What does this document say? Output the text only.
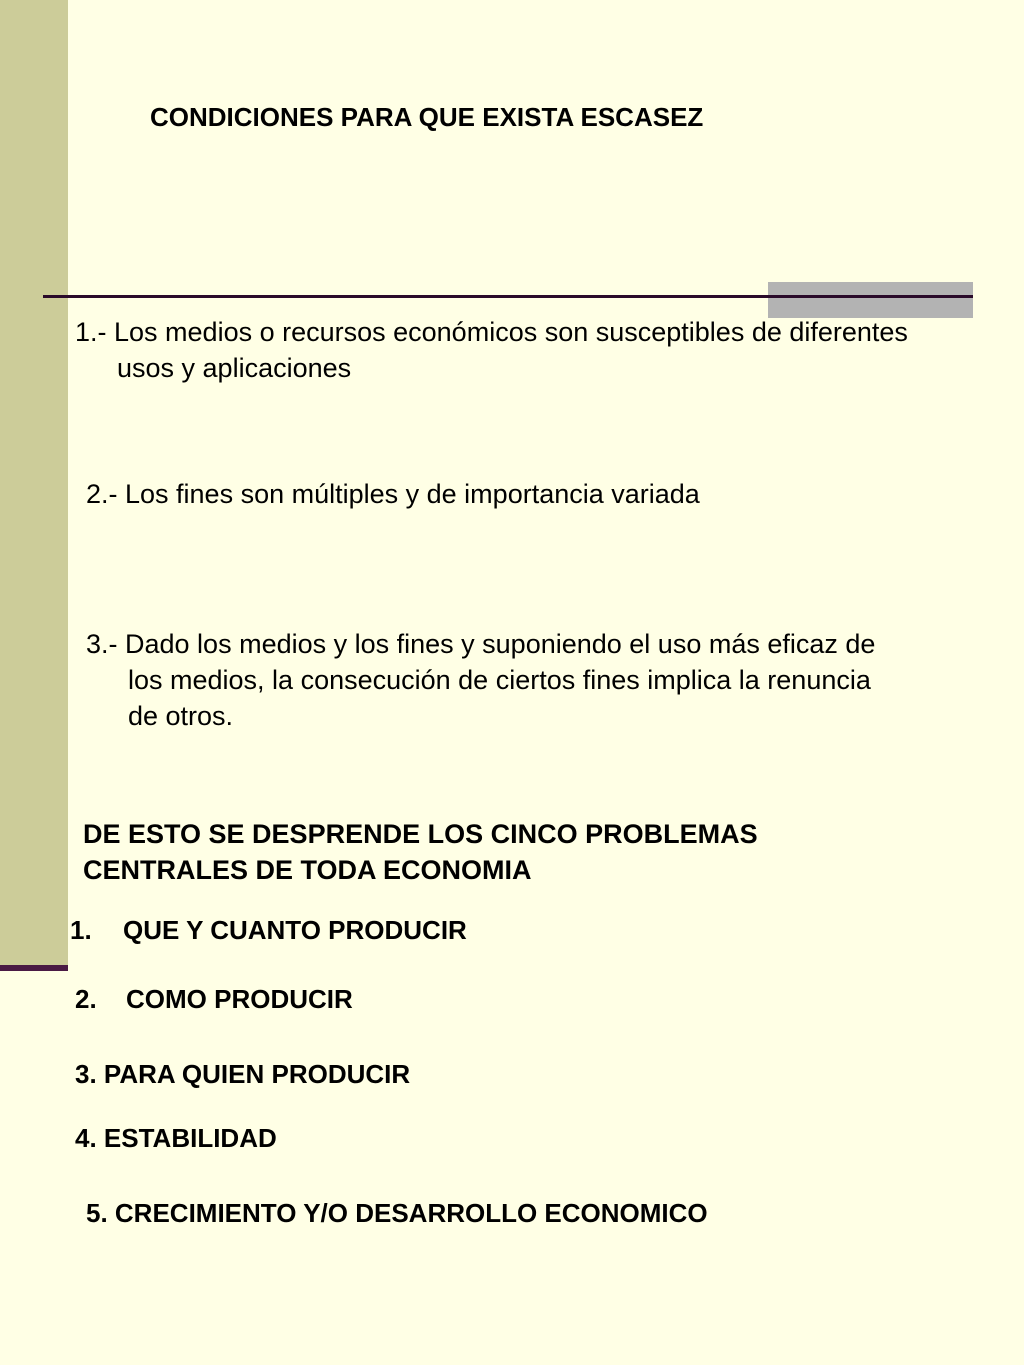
CONDICIONES PARA QUE EXISTA ESCASEZ
1.- Los medios o recursos económicos son susceptibles de diferentes
usos y aplicaciones
2.- Los fines son múltiples y de importancia variada
3.- Dado los medios y los fines y suponiendo el uso más eficaz de
los medios, la consecución de ciertos fines implica la renuncia
de otros.
DE ESTO SE DESPRENDE LOS CINCO PROBLEMAS
CENTRALES DE TODA ECONOMIA
1. QUE Y CUANTO PRODUCIR
2. COMO PRODUCIR
3. PARA QUIEN PRODUCIR
4. ESTABILIDAD
5. CRECIMIENTO Y/O DESARROLLO ECONOMICO
